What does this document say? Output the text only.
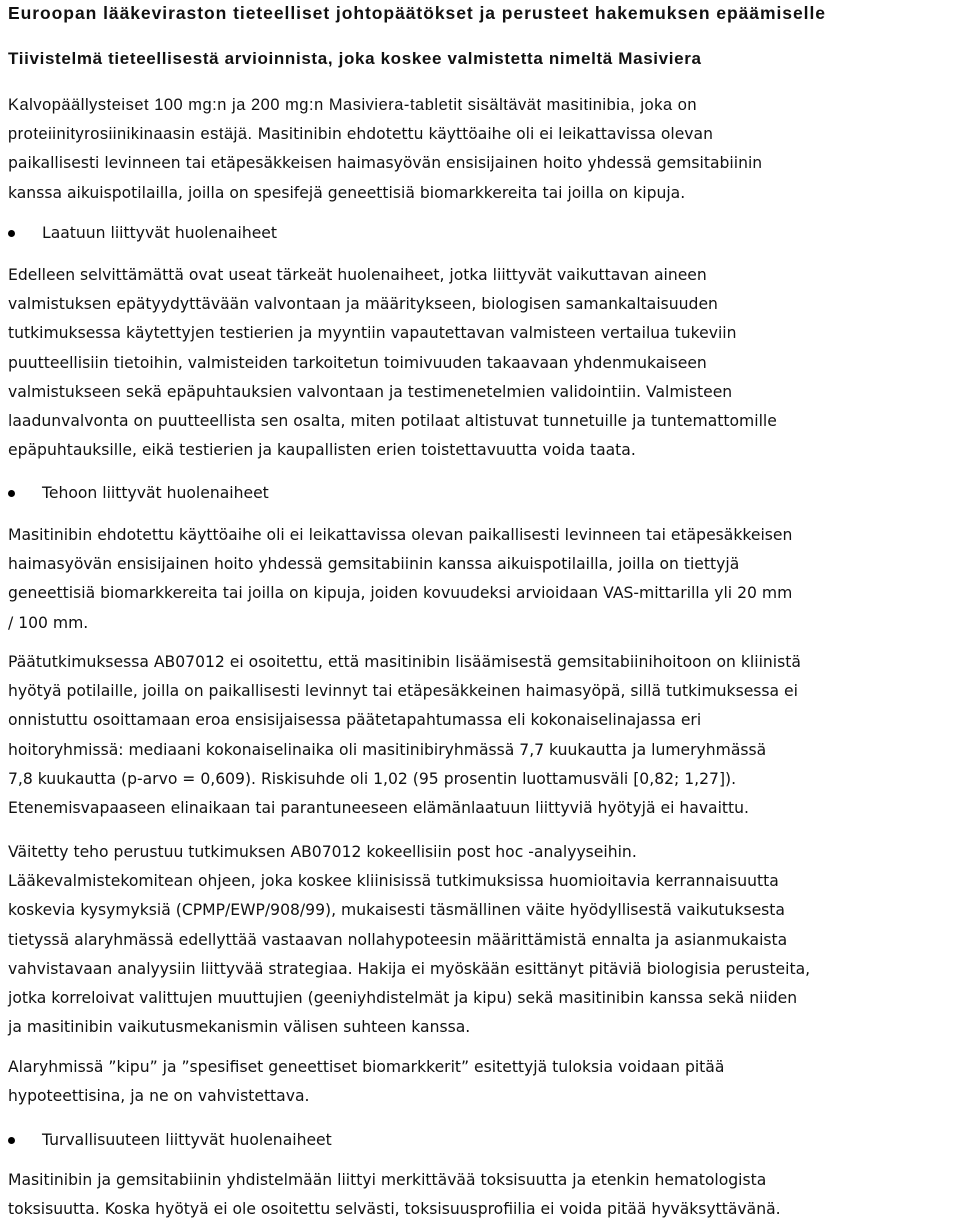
Euroopan lääkeviraston tieteelliset johtopäätökset ja perusteet hakemuksen epäämiselle
Tiivistelmä tieteellisestä arvioinnista, joka koskee valmistetta nimeltä Masiviera
Kalvopäällysteiset 100 mg:n ja 200 mg:n Masiviera-tabletit sisältävät masitinibia, joka on
proteiinityrosiinikinaasin estäjä. Masitinibin ehdotettu käyttöaihe oli ei leikattavissa olevan
paikallisesti levinneen tai etäpesäkkeisen haimasyövän ensisijainen hoito yhdessä gemsitabiinin
kanssa aikuispotilailla, joilla on spesifejä geneettisiä biomarkkereita tai joilla on kipuja.
Laatuun liittyvät huolenaiheet
Edelleen selvittämättä ovat useat tärkeät huolenaiheet, jotka liittyvät vaikuttavan aineen
valmistuksen epätyydyttävään valvontaan ja määritykseen, biologisen samankaltaisuuden
tutkimuksessa käytettyjen testierien ja myyntiin vapautettavan valmisteen vertailua tukeviin
puutteellisiin tietoihin, valmisteiden tarkoitetun toimivuuden takaavaan yhdenmukaiseen
valmistukseen sekä epäpuhtauksien valvontaan ja testimenetelmien validointiin. Valmisteen
laadunvalvonta on puutteellista sen osalta, miten potilaat altistuvat tunnetuille ja tuntemattomille
epäpuhtauksille, eikä testierien ja kaupallisten erien toistettavuutta voida taata.
Tehoon liittyvät huolenaiheet
Masitinibin ehdotettu käyttöaihe oli ei leikattavissa olevan paikallisesti levinneen tai etäpesäkkeisen
haimasyövän ensisijainen hoito yhdessä gemsitabiinin kanssa aikuispotilailla, joilla on tiettyjä
geneettisiä biomarkkereita tai joilla on kipuja, joiden kovuudeksi arvioidaan VAS-mittarilla yli 20 mm
/ 100 mm.
Päätutkimuksessa AB07012 ei osoitettu, että masitinibin lisäämisestä gemsitabiinihoitoon on kliinistä
hyötyä potilaille, joilla on paikallisesti levinnyt tai etäpesäkkeinen haimasyöpä, sillä tutkimuksessa ei
onnistuttu osoittamaan eroa ensisijaisessa päätetapahtumassa eli kokonaiselinajassa eri
hoitoryhmissä: mediaani kokonaiselinaika oli masitinibiryhmässä 7,7 kuukautta ja lumeryhmässä
7,8 kuukautta (p-arvo = 0,609). Riskisuhde oli 1,02 (95 prosentin luottamusväli [0,82; 1,27]).
Etenemisvapaaseen elinaikaan tai parantuneeseen elämänlaatuun liittyviä hyötyjä ei havaittu.
Väitetty teho perustuu tutkimuksen AB07012 kokeellisiin post hoc -analyyseihin.
Lääkevalmistekomitean ohjeen, joka koskee kliinisissä tutkimuksissa huomioitavia kerrannaisuutta
koskevia kysymyksiä (CPMP/EWP/908/99), mukaisesti täsmällinen väite hyödyllisestä vaikutuksesta
tietyssä alaryhmässä edellyttää vastaavan nollahypoteesin määrittämistä ennalta ja asianmukaista
vahvistavaan analyysiin liittyvää strategiaa. Hakija ei myöskään esittänyt pitäviä biologisia perusteita,
jotka korreloivat valittujen muuttujien (geeniyhdistelmät ja kipu) sekä masitinibin kanssa sekä niiden
ja masitinibin vaikutusmekanismin välisen suhteen kanssa.
Alaryhmissä ”kipu” ja ”spesifiset geneettiset biomarkkerit” esitettyjä tuloksia voidaan pitää
hypoteettisina, ja ne on vahvistettava.
Turvallisuuteen liittyvät huolenaiheet
Masitinibin ja gemsitabiinin yhdistelmään liittyi merkittävää toksisuutta ja etenkin hematologista
toksisuutta. Koska hyötyä ei ole osoitettu selvästi, toksisuusprofiilia ei voida pitää hyväksyttävänä.
